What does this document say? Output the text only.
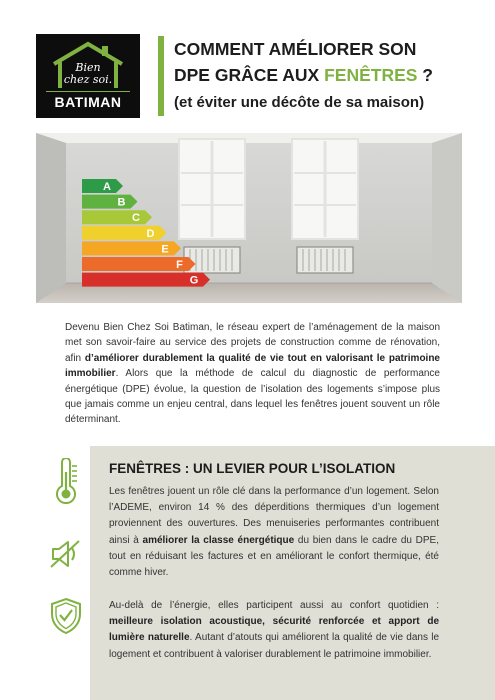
Bien
chez soi.
BATIMAN
COMMENT AMÉLIORER SON
DPE GRÂCE AUX FENÊTRES ?
(et éviter une décôte de sa maison)
A
B
C
D
E
F
G
Devenu Bien Chez Soi Batiman, le réseau expert de l’aménagement de la maison met son savoir-faire au service des projets de construction comme de rénovation, afin d’améliorer durablement la qualité de vie tout en valorisant le patrimoine immobilier. Alors que la méthode de calcul du diagnostic de performance énergétique (DPE) évolue, la question de l’isolation des logements s’impose plus que jamais comme un enjeu central, dans lequel les fenêtres jouent souvent un rôle déterminant.
FENÊTRES : UN LEVIER POUR L’ISOLATION
Les fenêtres jouent un rôle clé dans la performance d’un logement. Selon l’ADEME, environ 14 % des déperditions thermiques d’un logement proviennent des ouvertures. Des menuiseries performantes contribuent ainsi à améliorer la classe énergétique du bien dans le cadre du DPE, tout en réduisant les factures et en améliorant le confort thermique, été comme hiver.
Au-delà de l’énergie, elles participent aussi au confort quotidien : meilleure isolation acoustique, sécurité renforcée et apport de lumière naturelle. Autant d’atouts qui améliorent la qualité de vie dans le logement et contribuent à valoriser durablement le patrimoine immobilier.
